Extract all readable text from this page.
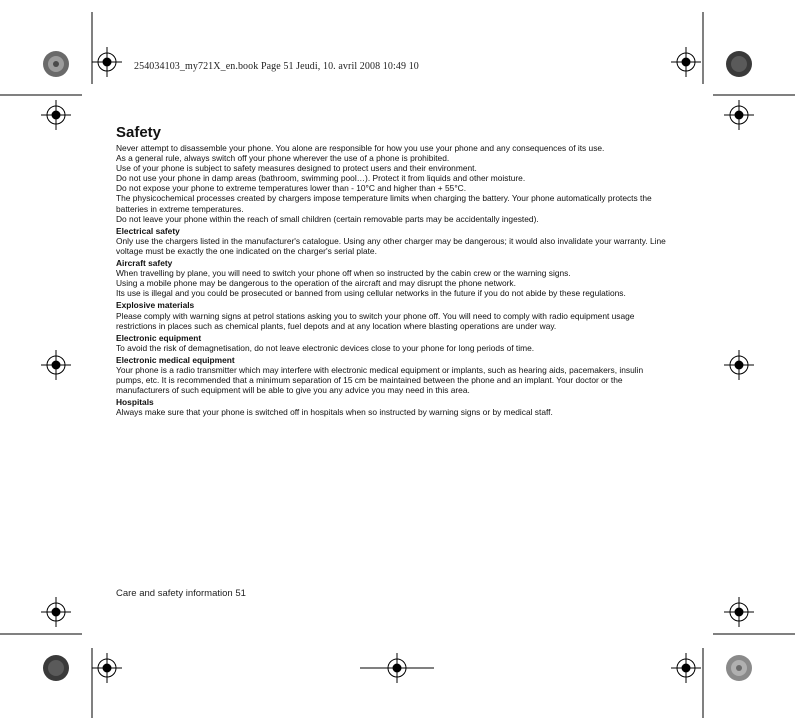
254034103_my721X_en.book Page 51 Jeudi, 10. avril 2008 10:49 10
Safety

Never attempt to disassemble your phone. You alone are responsible for how you use your phone and any consequences of its use.

As a general rule, always switch off your phone wherever the use of a phone is prohibited.

Use of your phone is subject to safety measures designed to protect users and their environment.

Do not use your phone in damp areas (bathroom, swimming pool…). Protect it from liquids and other moisture.

Do not expose your phone to extreme temperatures lower than - 10°C and higher than + 55°C.

The physicochemical processes created by chargers impose temperature limits when charging the battery. Your phone automatically protects the batteries in extreme temperatures.

Do not leave your phone within the reach of small children (certain removable parts may be accidentally ingested).

Electrical safety

Only use the chargers listed in the manufacturer's catalogue. Using any other charger may be dangerous; it would also invalidate your warranty. Line voltage must be exactly the one indicated on the charger's serial plate.

Aircraft safety

When travelling by plane, you will need to switch your phone off when so instructed by the cabin crew or the warning signs.

Using a mobile phone may be dangerous to the operation of the aircraft and may disrupt the phone network.

Its use is illegal and you could be prosecuted or banned from using cellular networks in the future if you do not abide by these regulations.

Explosive materials

Please comply with warning signs at petrol stations asking you to switch your phone off. You will need to comply with radio equipment usage restrictions in places such as chemical plants, fuel depots and at any location where blasting operations are under way.

Electronic equipment

To avoid the risk of demagnetisation, do not leave electronic devices close to your phone for long periods of time.

Electronic medical equipment

Your phone is a radio transmitter which may interfere with electronic medical equipment or implants, such as hearing aids, pacemakers, insulin pumps, etc. It is recommended that a minimum separation of 15 cm be maintained between the phone and an implant. Your doctor or the manufacturers of such equipment will be able to give you any advice you may need in this area.

Hospitals

Always make sure that your phone is switched off in hospitals when so instructed by warning signs or by medical staff.

Care and safety information 51
